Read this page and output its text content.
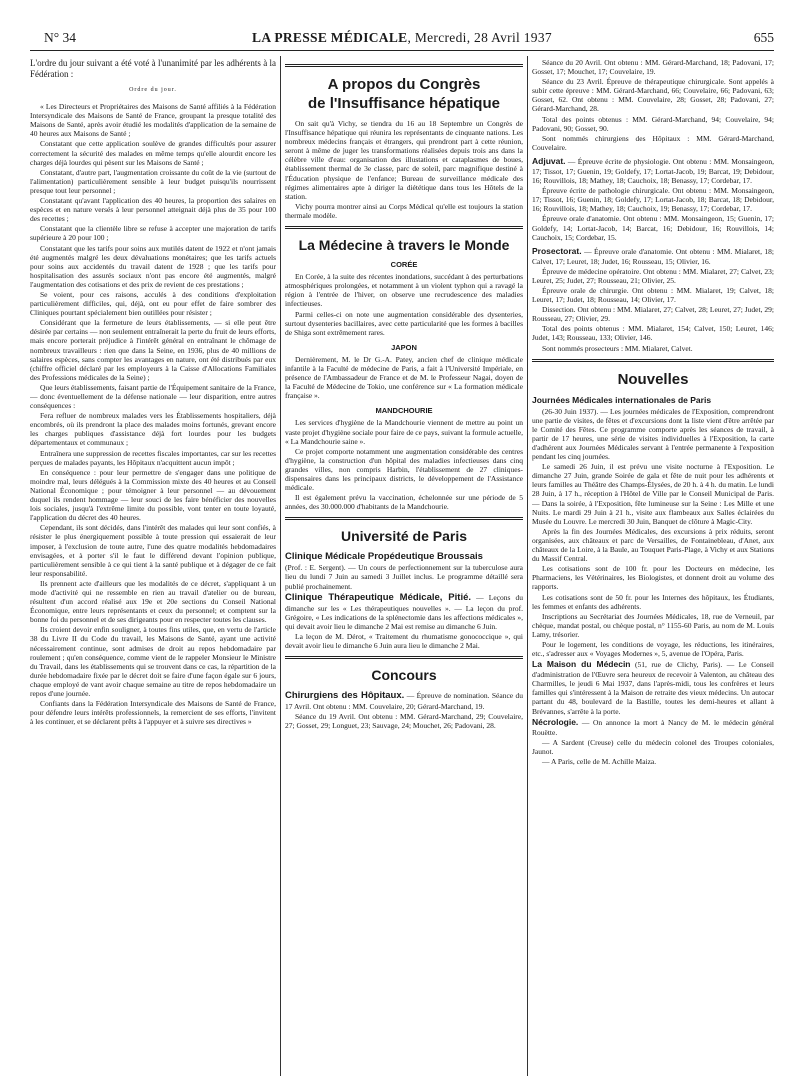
N° 34	LA PRESSE MÉDICALE, Mercredi, 28 Avril 1937	655

L'ordre du jour suivant a été voté à l'unanimité par les adhérents à la Fédération :

Ordre du jour.

« Les Directeurs et Propriétaires des Maisons de Santé affiliés à la Fédération Intersyndicale des Maisons de Santé de France, groupant la presque totalité des Maisons de Santé, après avoir étudié les modalités d'application de la semaine de 40 heures aux Maisons de Santé ;

Constatant que cette application soulève de grandes difficultés pour assurer correctement la sécurité des malades en même temps qu'elle alourdit encore les charges déjà lourdes qui pèsent sur les Maisons de Santé ;

Constatant, d'autre part, l'augmentation croissante du coût de la vie (surtout de l'alimentation) particulièrement sensible à leur budget puisqu'ils nourrissent presque tout leur personnel ;

Constatant qu'avant l'application des 40 heures, la proportion des salaires en espèces et en nature versés à leur personnel atteignait déjà plus de 35 pour 100 des recettes ;

Constatant que la clientèle libre se refuse à accepter une majoration de tarifs supérieure à 20 pour 100 ;

Constatant que les tarifs pour soins aux mutilés datent de 1922 et n'ont jamais été augmentés malgré les deux dévaluations monétaires; que les tarifs actuels pour soins aux accidentés du travail datent de 1928 ; que les tarifs pour hospitalisation des assurés sociaux n'ont pas encore été augmentés, malgré l'augmentation des cotisations et des prix de revient de ces prestations ;

Se voient, pour ces raisons, acculés à des conditions d'exploitation particulièrement difficiles, qui, déjà, ont eu pour effet de faire sombrer des Cliniques pourtant spécialement bien outillées pour résister ;

Considérant que la fermeture de leurs établissements, — si elle peut être désirée par certains — non seulement entraînerait la perte du fruit de leurs efforts, mais encore porterait préjudice à l'intérêt général en entraînant le chômage de nombreux travailleurs : rien que dans la Seine, en 1936, plus de 40 millions de salaires espèces, sans compter les avantages en nature, ont été distribués par eux (chiffre officiel déclaré par les employeurs à la Caisse d'Allocations Familiales des Professions médicales de la Seine) ;

Que leurs établissements, faisant partie de l'Équipement sanitaire de la France, — donc éventuellement de la défense nationale — leur disparition, entre autres conséquences :

Fera refluer de nombreux malades vers les Établissements hospitaliers, déjà encombrés, où ils prendront la place des malades moins fortunés, grevant encore les charges publiques d'assistance déjà fort lourdes pour les budgets départementaux et communaux ;

Entraînera une suppression de recettes fiscales importantes, car sur les recettes perçues de malades payants, les Hôpitaux n'acquittent aucun impôt ;

En conséquence : pour leur permettre de s'engager dans une politique de moindre mal, leurs délégués à la Commission mixte des 40 heures et au Conseil National Économique ; pour témoigner à leur personnel — au dévouement duquel ils rendent hommage — leur souci de les faire bénéficier des nouvelles lois sociales, jusqu'à l'extrême limite du possible, vont tenter en toute loyauté, l'application du décret des 40 heures.

Cependant, ils sont décidés, dans l'intérêt des malades qui leur sont confiés, à résister le plus énergiquement possible à toute pression qui essaierait de leur imposer, à l'exclusion de toute autre, l'une des quatre modalités hebdomadaires envisagées, et à porter s'il le faut le différend devant l'opinion publique, particulièrement sensible à ce qui tient à la santé publique et à dégager de ce fait leur responsabilité.

Ils prennent acte d'ailleurs que les modalités de ce décret, s'appliquant à un mode d'activité qui ne ressemble en rien au travail d'atelier ou de bureau, résultent d'un accord réalisé aux 19e et 20e sections du Conseil National Économique, entre leurs représentants et ceux du personnel; et comptent sur la bonne foi du personnel et de ses dirigeants pour en respecter toutes les clauses.

Ils croient devoir enfin souligner, à toutes fins utiles, que, en vertu de l'article 38 du Livre II du Code du travail, les Maisons de Santé, ayant une activité nécessairement continue, sont admises de droit au repos hebdomadaire par roulement ; qu'en conséquence, comme vient de le rappeler Monsieur le Ministre du Travail, dans les établissements qui se trouvent dans ce cas, la répartition de la durée hebdomadaire fixée par le décret doit se faire d'une façon égale sur 6 jours, chaque employé de vant avoir chaque semaine au titre de repos hebdomadaire un repos d'une journée.

Confiants dans la Fédération Intersyndicale des Maisons de Santé de France, pour défendre leurs intérêts professionnels, la remercient de ses efforts, l'invitent à les continuer, et se déclarent prêts à l'appuyer et à suivre ses directives »

A propos du Congrès
de l'Insuffisance hépatique

On sait qu'à Vichy, se tiendra du 16 au 18 Septembre un Congrès de l'Insuffisance hépatique qui réunira les représentants de cinquante nations. Les nombreux médecins français et étrangers, qui prendront part à cette réunion, seront à même de juger les transformations réalisées depuis trois ans dans la célèbre ville d'eau: organisation des illustations et cataplasmes de boues, établissement thermal de 3e classe, parc de soleil, parc magnifique destiné à l'Éducation physique de l'enfance; Bureau de surveillance médicale des régimes alimentaires apte à diriger la diététique dans tous les Hôtels de la station.

Vichy pourra montrer ainsi au Corps Médical qu'elle est toujours la station thermale modèle.

La Médecine à travers le Monde
CORÉE

En Corée, à la suite des récentes inondations, succédant à des perturbations atmosphériques prolongées, et notamment à un violent typhon qui a ravagé la région à l'entrée de l'hiver, on observe une recrudescence des maladies infectieuses.

Parmi celles-ci on note une augmentation considérable des dysenteries, surtout dysenteries bacillaires, avec cette particularité que les formes à bacilles de Shiga sont extrêmement rares.

JAPON

Dernièrement, M. le Dr G.-A. Patey, ancien chef de clinique médicale infantile à la Faculté de médecine de Paris, a fait à l'Université Impériale, en présence de l'Ambassadeur de France et de M. le Professeur Nagai, doyen de la Faculté de Médecine de Tokio, une conférence sur « La formation médicale française ».

MANDCHOURIE

Les services d'hygiène de la Mandchourie viennent de mettre au point un vaste projet d'hygiène sociale pour faire de ce pays, suivant la formule actuelle, « La Mandchourie saine ».

Ce projet comporte notamment une augmentation considérable des centres d'hygiène, la construction d'un hôpital des maladies infectieuses dans cinq grandes villes, non compris Harbin, l'établissement de 27 cliniques-dispensaires dans les principaux districts, le développement de l'Assistance médicale.

Il est également prévu la vaccination, échelonnée sur une période de 5 années, des 30.000.000 d'habitants de la Mandchourie.

Université de Paris

Clinique Médicale Propédeutique Broussais
(Prof. : E. Sergent). — Un cours de perfectionnement sur la tuberculose aura lieu du lundi 7 Juin au samedi 3 Juillet inclus. Le programme détaillé sera publié prochainement.

Clinique Thérapeutique Médicale, Pitié. — Leçons du dimanche sur les « Les thérapeutiques nouvelles ». — La leçon du prof. Grégoire, « Les indications de la splénectomie dans les affections médicales », qui devait avoir lieu le dimanche 2 Mai est remise au dimanche 6 Juin.

La leçon de M. Dérot, « Traitement du rhumatisme gonococcique », qui devait avoir lieu le dimanche 6 Juin aura lieu le dimanche 2 Mai.

Concours

Chirurgiens des Hôpitaux. — Épreuve de nomination. Séance du 17 Avril. Ont obtenu : MM. Couvelaire, 20; Gérard-Marchand, 19.

Séance du 19 Avril. Ont obtenu : MM. Gérard-Marchand, 29; Couvelaire, 27; Gosset, 29; Longuet, 23; Sauvage, 24; Mouchet, 26; Padovani, 28.

Séance du 20 Avril. Ont obtenu : MM. Gérard-Marchand, 18; Padovani, 17; Gosset, 17; Mouchet, 17; Couvelaire, 19.

Séance du 23 Avril. Épreuve de thérapeutique chirurgicale. Sont appelés à subir cette épreuve : MM. Gérard-Marchand, 66; Couvelaire, 66; Padovani, 63; Gosset, 62. Ont obtenu : MM. Couvelaire, 28; Gosset, 28; Padovani, 27; Gérard-Marchand, 28.

Total des points obtenus : MM. Gérard-Marchand, 94; Couvelaire, 94; Padovani, 90; Gosset, 90.

Sont nommés chirurgiens des Hôpitaux : MM. Gérard-Marchand, Couvelaire.

Adjuvat. — Épreuve écrite de physiologie. Ont obtenu : MM. Monsaingeon, 17; Tissot, 17; Guenin, 19; Goldefy, 17; Lortat-Jacob, 19; Barcat, 19; Debidour, 16; Rouvillois, 18; Mathey, 18; Cauchoix, 18; Benassy, 17; Cordebar, 17.

Épreuve écrite de pathologie chirurgicale. Ont obtenu : MM. Monsaingeon, 17; Tissot, 16; Guenin, 18; Goldefy, 17; Lortat-Jacob, 18; Barcat, 18; Debidour, 16; Rouvillois, 18; Mathey, 18; Cauchoix, 19; Benassy, 17; Cordebar, 17.

Épreuve orale d'anatomie. Ont obtenu : MM. Monsaingeon, 15; Guenin, 17; Goldefy, 14; Lortat-Jacob, 14; Barcat, 16; Debidour, 16; Rouvillois, 14; Cauchoix, 15; Cordebar, 15.

Prosectorat. — Épreuve orale d'anatomie. Ont obtenu : MM. Mialaret, 18; Calvet, 17; Leuret, 18; Judet, 16; Rousseau, 15; Olivier, 16.

Épreuve de médecine opératoire. Ont obtenu : MM. Mialaret, 27; Calvet, 23; Leuret, 25; Judet, 27; Rousseau, 21; Olivier, 25.

Épreuve orale de chirurgie. Ont obtenu : MM. Mialaret, 19; Calvet, 18; Leuret, 17; Judet, 18; Rousseau, 14; Olivier, 17.

Dissection. Ont obtenu : MM. Mialaret, 27; Calvet, 28; Leuret, 27; Judet, 29; Rousseau, 27; Olivier, 29.

Total des points obtenus : MM. Mialaret, 154; Calvet, 150; Leuret, 146; Judet, 143; Rousseau, 133; Olivier, 146.

Sont nommés prosecteurs : MM. Mialaret, Calvet.

Nouvelles

Journées Médicales internationales de Paris

(26-30 Juin 1937). — Les journées médicales de l'Exposition, comprendront une partie de visites, de fêtes et d'excursions dont la liste vient d'être arrêtée par le Comité des Fêtes. Ce programme comporte après les séances de travail, à partir de 17 heures, une série de visites individuelles à l'Exposition, la carte d'adhérent aux Journées Médicales servant à l'entrée permanente à l'exposition pendant les cinq journées.

Le samedi 26 Juin, il est prévu une visite nocturne à l'Exposition. Le dimanche 27 Juin, grande Soirée de gala et fête de nuit pour les adhérents et leurs familles au Théâtre des Champs-Élysées, de 20 h. à 4 h. du matin. Le lundi 28 Juin, à 17 h., réception à l'Hôtel de Ville par le Conseil Municipal de Paris. — Dans la soirée, à l'Exposition, fête lumineuse sur la Seine : Les Mille et une Nuits. Le mardi 29 Juin à 21 h., visite aux flambeaux aux Salles éclairées du Musée du Louvre. Le mercredi 30 Juin, Banquet de clôture à Magic-City.

Après la fin des Journées Médicales, des excursions à prix réduits, seront organisées, aux châteaux et parc de Versailles, de Fontainebleau, d'Anet, aux châteaux de la Loire, à la Baule, au Touquet Paris-Plage, à Vichy et aux Stations du Massif Central.

Les cotisations sont de 100 fr. pour les Docteurs en médecine, les Pharmaciens, les Vétérinaires, les Biologistes, et donnent droit au volume des rapports.

Les cotisations sont de 50 fr. pour les Internes des hôpitaux, les Étudiants, les femmes et enfants des adhérents.

Inscriptions au Secrétariat des Journées Médicales, 18, rue de Verneuil, par chèque, mandat postal, ou chèque postal, n° 1155-60 Paris, au nom de M. Louis Lamy, trésorier.

Pour le logement, les conditions de voyage, les réductions, les itinéraires, etc., s'adresser aux « Voyages Modernes », 5, avenue de l'Opéra, Paris.

La Maison du Médecin (51, rue de Clichy, Paris). — Le Conseil d'administration de l'Œuvre sera heureux de recevoir à Valenton, au château des Charmilles, le jeudi 6 Mai 1937, dans l'après-midi, tous les confrères et leurs familles qui s'intéressent à la Maison de retraite des vieux médecins. Un autocar partant du 48, boulevard de la Bastille, toutes les demi-heures et allant à Brévannes, s'arrête à la porte.

Nécrologie. — On annonce la mort à Nancy de M. le médecin général Rouëtte.

— A Sardent (Creuse) celle du médecin colonel des Troupes coloniales, Jaunot.

— A Paris, celle de M. Achille Maiza.
